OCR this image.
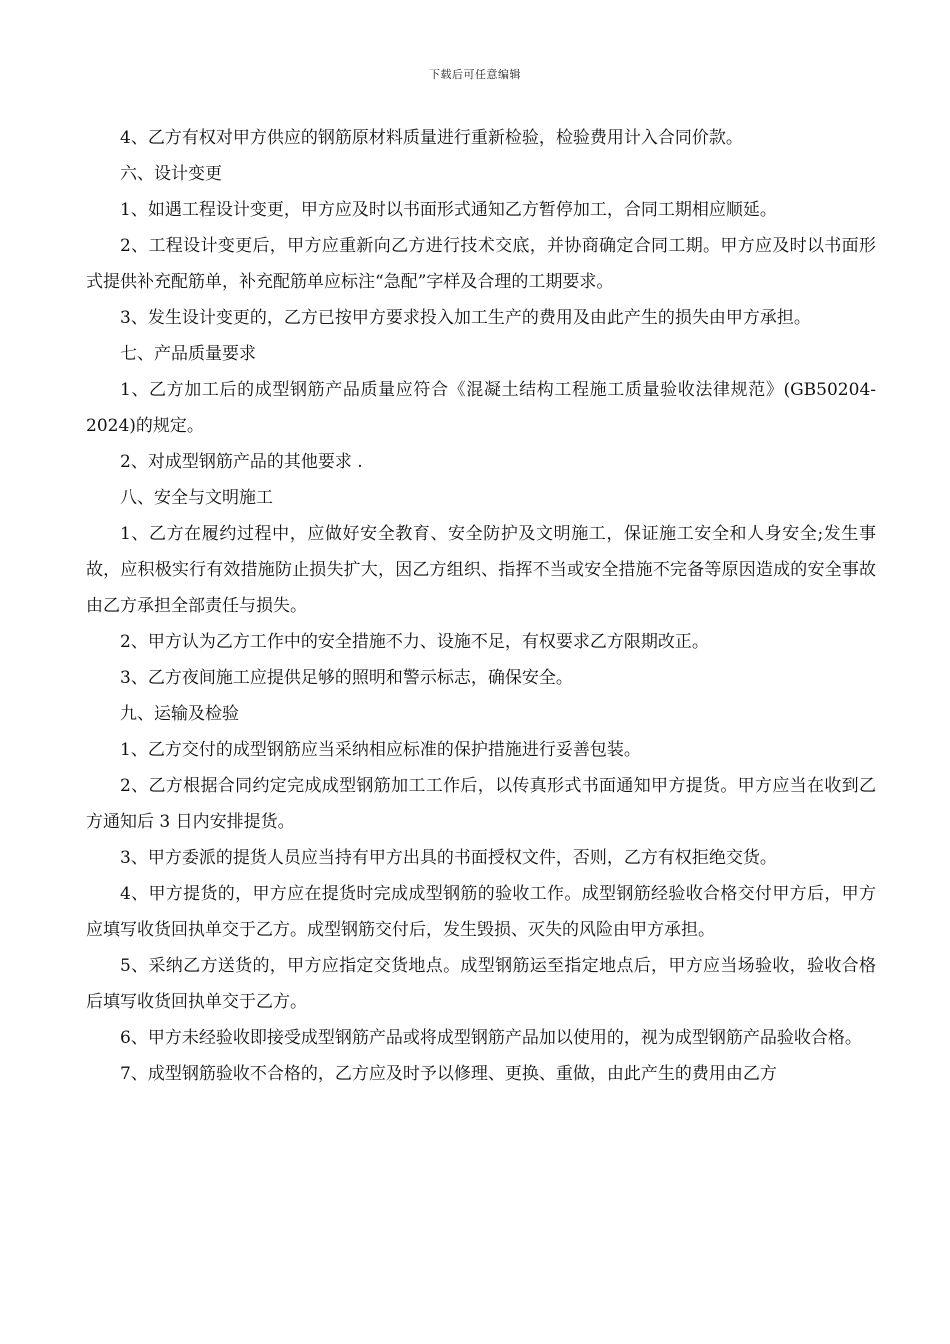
下载后可任意编辑

4、乙方有权对甲方供应的钢筋原材料质量进行重新检验，检验费用计入合同价款。

六、设计变更

1、如遇工程设计变更，甲方应及时以书面形式通知乙方暂停加工，合同工期相应顺延。

2、工程设计变更后，甲方应重新向乙方进行技术交底，并协商确定合同工期。甲方应及时以书面形式提供补充配筋单，补充配筋单应标注“急配”字样及合理的工期要求。

3、发生设计变更的，乙方已按甲方要求投入加工生产的费用及由此产生的损失由甲方承担。

七、产品质量要求

1、乙方加工后的成型钢筋产品质量应符合《混凝土结构工程施工质量验收法律规范》(GB50204-2024)的规定。

2、对成型钢筋产品的其他要求 .

八、安全与文明施工

1、乙方在履约过程中，应做好安全教育、安全防护及文明施工，保证施工安全和人身安全;发生事故，应积极实行有效措施防止损失扩大，因乙方组织、指挥不当或安全措施不完备等原因造成的安全事故由乙方承担全部责任与损失。

2、甲方认为乙方工作中的安全措施不力、设施不足，有权要求乙方限期改正。

3、乙方夜间施工应提供足够的照明和警示标志，确保安全。

九、运输及检验

1、乙方交付的成型钢筋应当采纳相应标准的保护措施进行妥善包装。

2、乙方根据合同约定完成成型钢筋加工工作后，以传真形式书面通知甲方提货。甲方应当在收到乙方通知后 3 日内安排提货。

3、甲方委派的提货人员应当持有甲方出具的书面授权文件，否则，乙方有权拒绝交货。

4、甲方提货的，甲方应在提货时完成成型钢筋的验收工作。成型钢筋经验收合格交付甲方后，甲方应填写收货回执单交于乙方。成型钢筋交付后，发生毁损、灭失的风险由甲方承担。

5、采纳乙方送货的，甲方应指定交货地点。成型钢筋运至指定地点后，甲方应当场验收，验收合格后填写收货回执单交于乙方。

6、甲方未经验收即接受成型钢筋产品或将成型钢筋产品加以使用的，视为成型钢筋产品验收合格。

7、成型钢筋验收不合格的，乙方应及时予以修理、更换、重做，由此产生的费用由乙方
